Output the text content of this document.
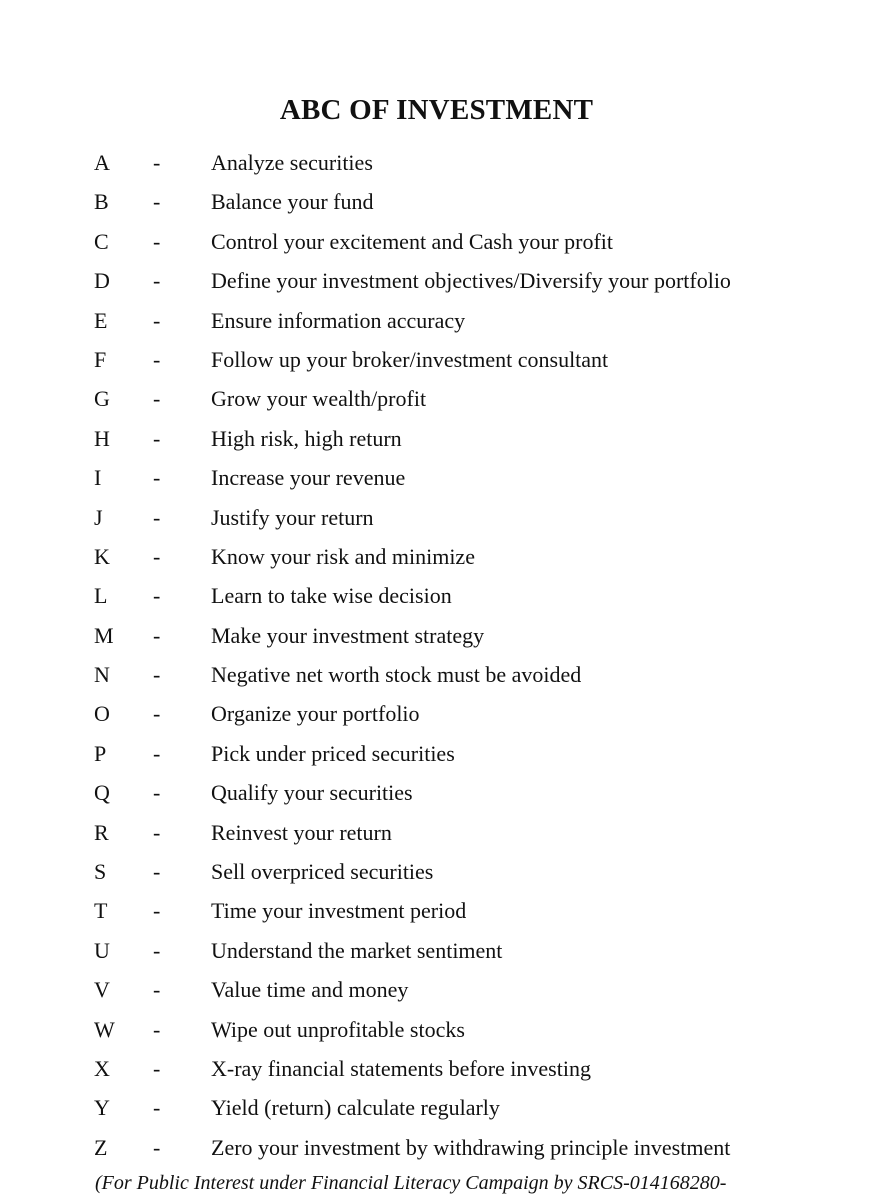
ABC OF INVESTMENT
A - Analyze securities
B - Balance your fund
C - Control your excitement and Cash your profit
D - Define your investment objectives/Diversify your portfolio
E - Ensure information accuracy
F - Follow up your broker/investment consultant
G - Grow your wealth/profit
H - High risk, high return
I - Increase your revenue
J - Justify your return
K - Know your risk and minimize
L - Learn to take wise decision
M - Make your investment strategy
N - Negative net worth stock must be avoided
O - Organize your portfolio
P - Pick under priced securities
Q - Qualify your securities
R - Reinvest your return
S - Sell overpriced securities
T - Time your investment period
U - Understand the market sentiment
V - Value time and money
W - Wipe out unprofitable stocks
X - X-ray financial statements before investing
Y - Yield (return) calculate regularly
Z - Zero your investment by withdrawing principle investment

(For Public Interest under Financial Literacy Campaign by SRCS-014168280-
